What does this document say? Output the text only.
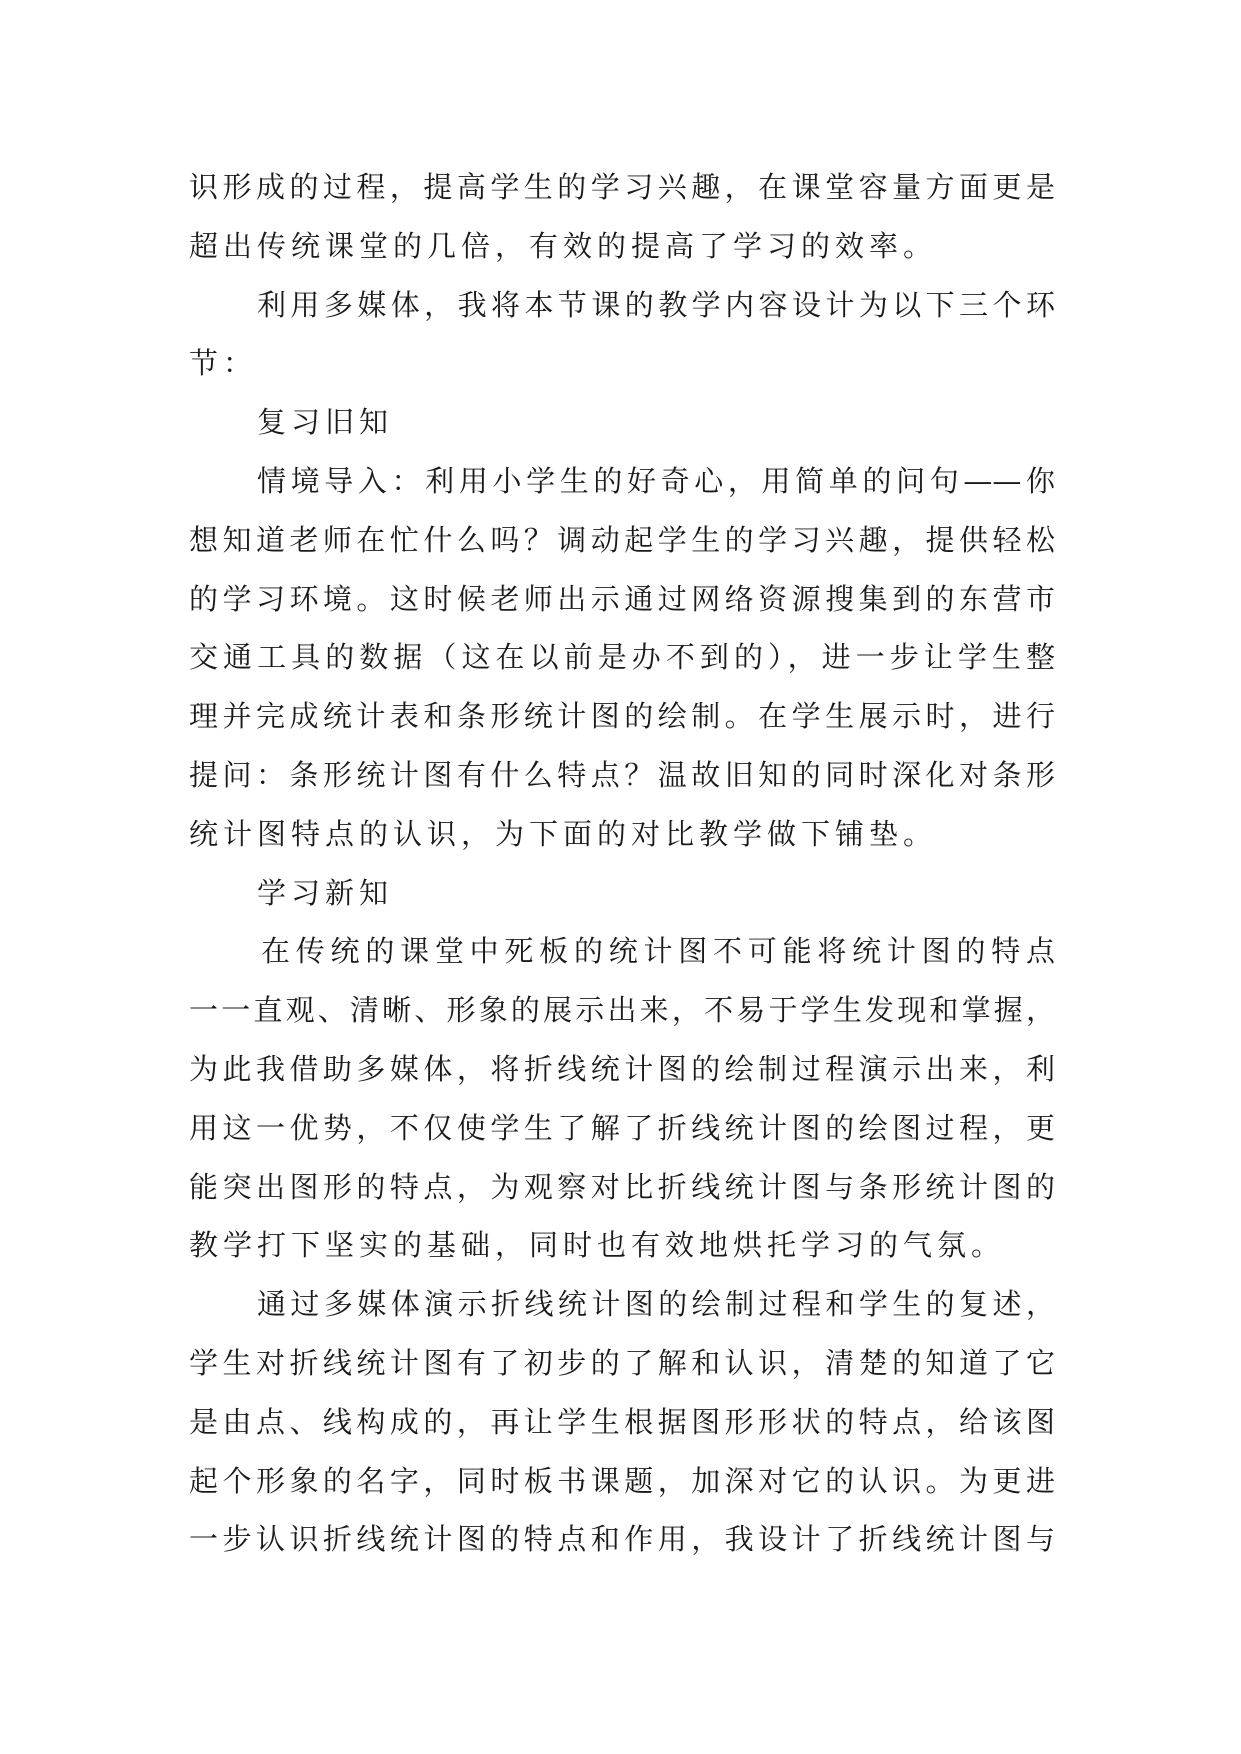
识形成的过程，提高学生的学习兴趣，在课堂容量方面更是
超出传统课堂的几倍，有效的提高了学习的效率。
利用多媒体，我将本节课的教学内容设计为以下三个环
节：
复习旧知
情境导入：利用小学生的好奇心，用简单的问句——你
想知道老师在忙什么吗？调动起学生的学习兴趣，提供轻松
的学习环境。这时候老师出示通过网络资源搜集到的东营市
交通工具的数据（这在以前是办不到的），进一步让学生整
理并完成统计表和条形统计图的绘制。在学生展示时，进行
提问：条形统计图有什么特点？温故旧知的同时深化对条形
统计图特点的认识，为下面的对比教学做下铺垫。
学习新知
在传统的课堂中死板的统计图不可能将统计图的特点
一一直观、清晰、形象的展示出来，不易于学生发现和掌握，
为此我借助多媒体，将折线统计图的绘制过程演示出来，利
用这一优势，不仅使学生了解了折线统计图的绘图过程，更
能突出图形的特点，为观察对比折线统计图与条形统计图的
教学打下坚实的基础，同时也有效地烘托学习的气氛。
通过多媒体演示折线统计图的绘制过程和学生的复述，
学生对折线统计图有了初步的了解和认识，清楚的知道了它
是由点、线构成的，再让学生根据图形形状的特点，给该图
起个形象的名字，同时板书课题，加深对它的认识。为更进
一步认识折线统计图的特点和作用，我设计了折线统计图与
